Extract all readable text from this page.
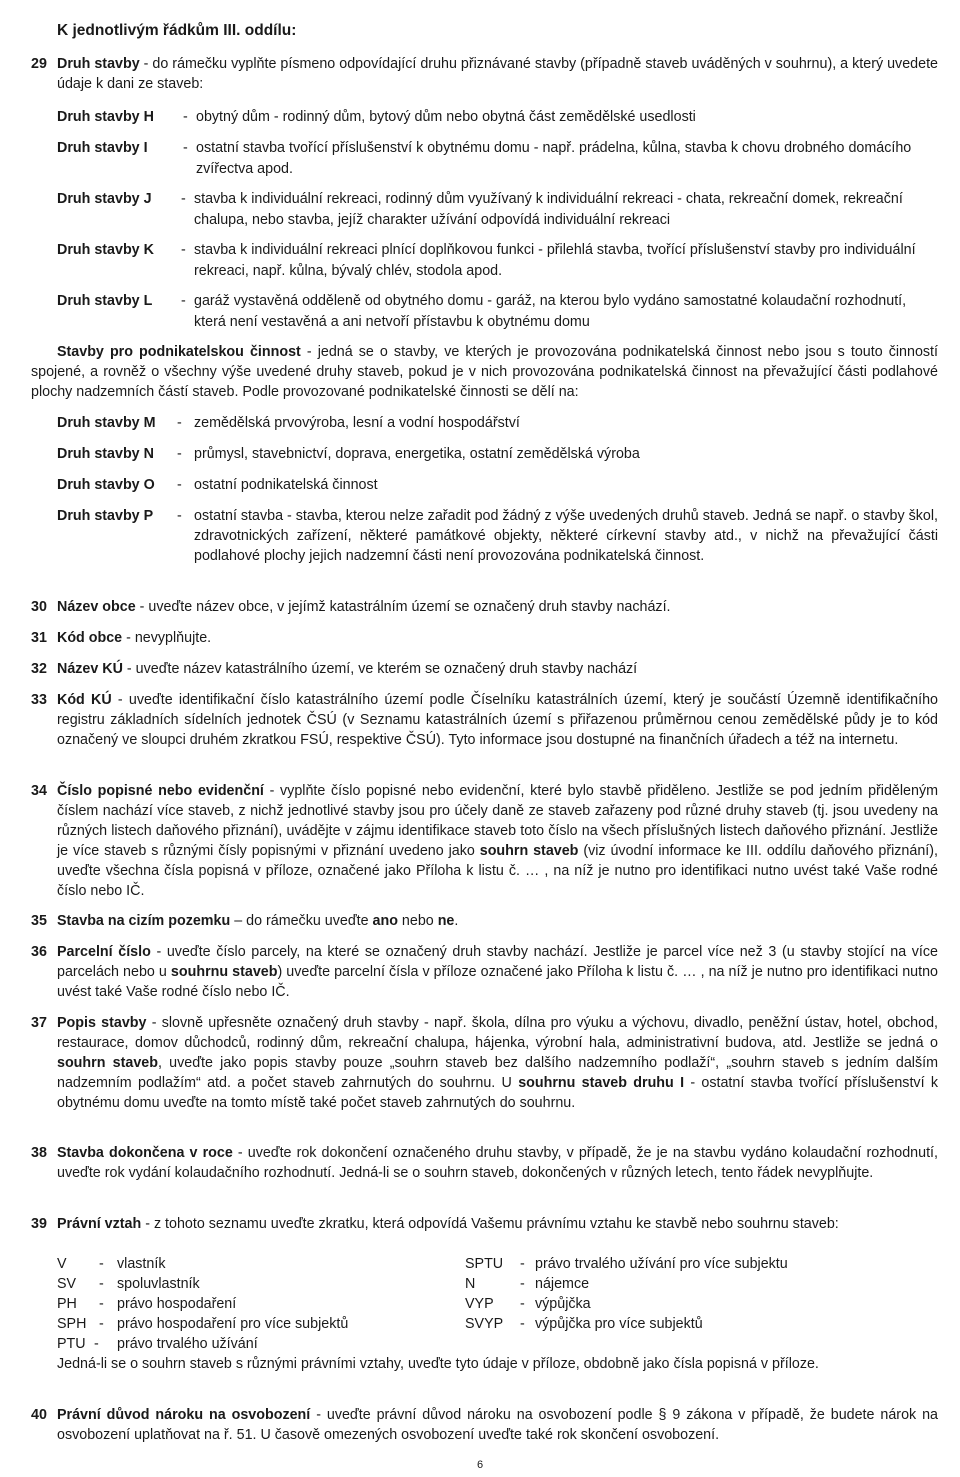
K jednotlivým řádkům III. oddílu:
29 Druh stavby - do rámečku vyplňte písmeno odpovídající druhu přiznávané stavby (případně staveb uváděných v souhrnu), a který uvedete údaje k dani ze staveb:
Druh stavby H	- obytný dům - rodinný dům, bytový dům nebo obytná část zemědělské usedlosti
Druh stavby I	- ostatní stavba tvořící příslušenství k obytnému domu - např. prádelna, kůlna, stavba k chovu drobného domácího zvířectva apod.
Druh stavby J	- stavba k individuální rekreaci, rodinný dům využívaný k individuální rekreaci - chata, rekreační domek, rekreační chalupa, nebo stavba, jejíž charakter užívání odpovídá individuální rekreaci
Druh stavby K	- stavba k individuální rekreaci plnící doplňkovou funkci - přilehlá stavba, tvořící příslušenství stavby pro individuální rekreaci, např. kůlna, bývalý chlév, stodola apod.
Druh stavby L	- garáž vystavěná odděleně od obytného domu - garáž, na kterou bylo vydáno samostatné kolaudační rozhodnutí, která není vestavěná a ani netvoří přístavbu k obytnému domu
Stavby pro podnikatelskou činnost - jedná se o stavby, ve kterých je provozována podnikatelská činnost nebo jsou s touto činností spojené, a rovněž o všechny výše uvedené druhy staveb, pokud je v nich provozována podnikatelská činnost na převažující části podlahové plochy nadzemních částí staveb. Podle provozované podnikatelské činnosti se dělí na:
Druh stavby M	- zemědělská prvovýroba, lesní a vodní hospodářství
Druh stavby N	- průmysl, stavebnictví, doprava, energetika, ostatní zemědělská výroba
Druh stavby O	- ostatní podnikatelská činnost
Druh stavby P	- ostatní stavba - stavba, kterou nelze zařadit pod žádný z výše uvedených druhů staveb. Jedná se např. o stavby škol, zdravotnických zařízení, některé památkové objekty, některé církevní stavby atd., v nichž na převažující části podlahové plochy jejich nadzemní části není provozována podnikatelská činnost.
30 Název obce - uveďte název obce, v jejímž katastrálním území se označený druh stavby nachází.
31 Kód obce - nevyplňujte.
32 Název KÚ - uveďte název katastrálního území, ve kterém se označený druh stavby nachází
33 Kód KÚ - uveďte identifikační číslo katastrálního území podle Číselníku katastrálních území, který je součástí Územně identifikačního registru základních sídelních jednotek ČSÚ (v Seznamu katastrálních území s přiřazenou průměrnou cenou zemědělské půdy je to kód označený ve sloupci druhém zkratkou FSÚ, respektive ČSÚ). Tyto informace jsou dostupné na finančních úřadech a též na internetu.
34 Číslo popisné nebo evidenční - vyplňte číslo popisné nebo evidenční, které bylo stavbě přiděleno. Jestliže se pod jedním přiděleným číslem nachází více staveb, z nichž jednotlivé stavby jsou pro účely daně ze staveb zařazeny pod různé druhy staveb (tj. jsou uvedeny na různých listech daňového přiznání), uvádějte v zájmu identifikace staveb toto číslo na všech příslušných listech daňového přiznání. Jestliže je více staveb s různými čísly popisnými v přiznání uvedeno jako souhrn staveb (viz úvodní informace ke III. oddílu daňového přiznání), uveďte všechna čísla popisná v příloze, označené jako Příloha k listu č. … , na níž je nutno pro identifikaci nutno uvést také Vaše rodné číslo nebo IČ.
35 Stavba na cizím pozemku – do rámečku uveďte ano nebo ne.
36 Parcelní číslo - uveďte číslo parcely, na které se označený druh stavby nachází. Jestliže je parcel více než 3 (u stavby stojící na více parcelách nebo u souhrnu staveb) uveďte parcelní čísla v příloze označené jako Příloha k listu č. … , na níž je nutno pro identifikaci nutno uvést také Vaše rodné číslo nebo IČ.
37 Popis stavby - slovně upřesněte označený druh stavby - např. škola, dílna pro výuku a výchovu, divadlo, peněžní ústav, hotel, obchod, restaurace, domov důchodců, rodinný dům, rekreační chalupa, hájenka, výrobní hala, administrativní budova, atd. Jestliže se jedná o souhrn staveb, uveďte jako popis stavby pouze „souhrn staveb bez dalšího nadzemního podlaží“, „souhrn staveb s jedním dalším nadzemním podlažím“ atd. a počet staveb zahrnutých do souhrnu. U souhrnu staveb druhu I - ostatní stavba tvořící příslušenství k obytnému domu uveďte na tomto místě také počet staveb zahrnutých do souhrnu.
38 Stavba dokončena v roce - uveďte rok dokončení označeného druhu stavby, v případě, že je na stavbu vydáno kolaudační rozhodnutí, uveďte rok vydání kolaudačního rozhodnutí. Jedná-li se o souhrn staveb, dokončených v různých letech, tento řádek nevyplňujte.
39 Právní vztah - z tohoto seznamu uveďte zkratku, která odpovídá Vašemu právnímu vztahu ke stavbě nebo souhrnu staveb:
V - vlastník	SPTU - právo trvalého užívání pro více subjektu
SV - spoluvlastník	N	- nájemce
PH - právo hospodaření	VYP - výpůjčka
SPH - právo hospodaření pro více subjektů	SVYP - výpůjčka pro více subjektů
PTU - právo trvalého užívání
Jedná-li se o souhrn staveb s různými právními vztahy, uveďte tyto údaje v příloze, obdobně jako čísla popisná v příloze.
40 Právní důvod nároku na osvobození - uveďte právní důvod nároku na osvobození podle § 9 zákona v případě, že budete nárok na osvobození uplatňovat na ř. 51. U časově omezených osvobození uveďte také rok skončení osvobození.
6
